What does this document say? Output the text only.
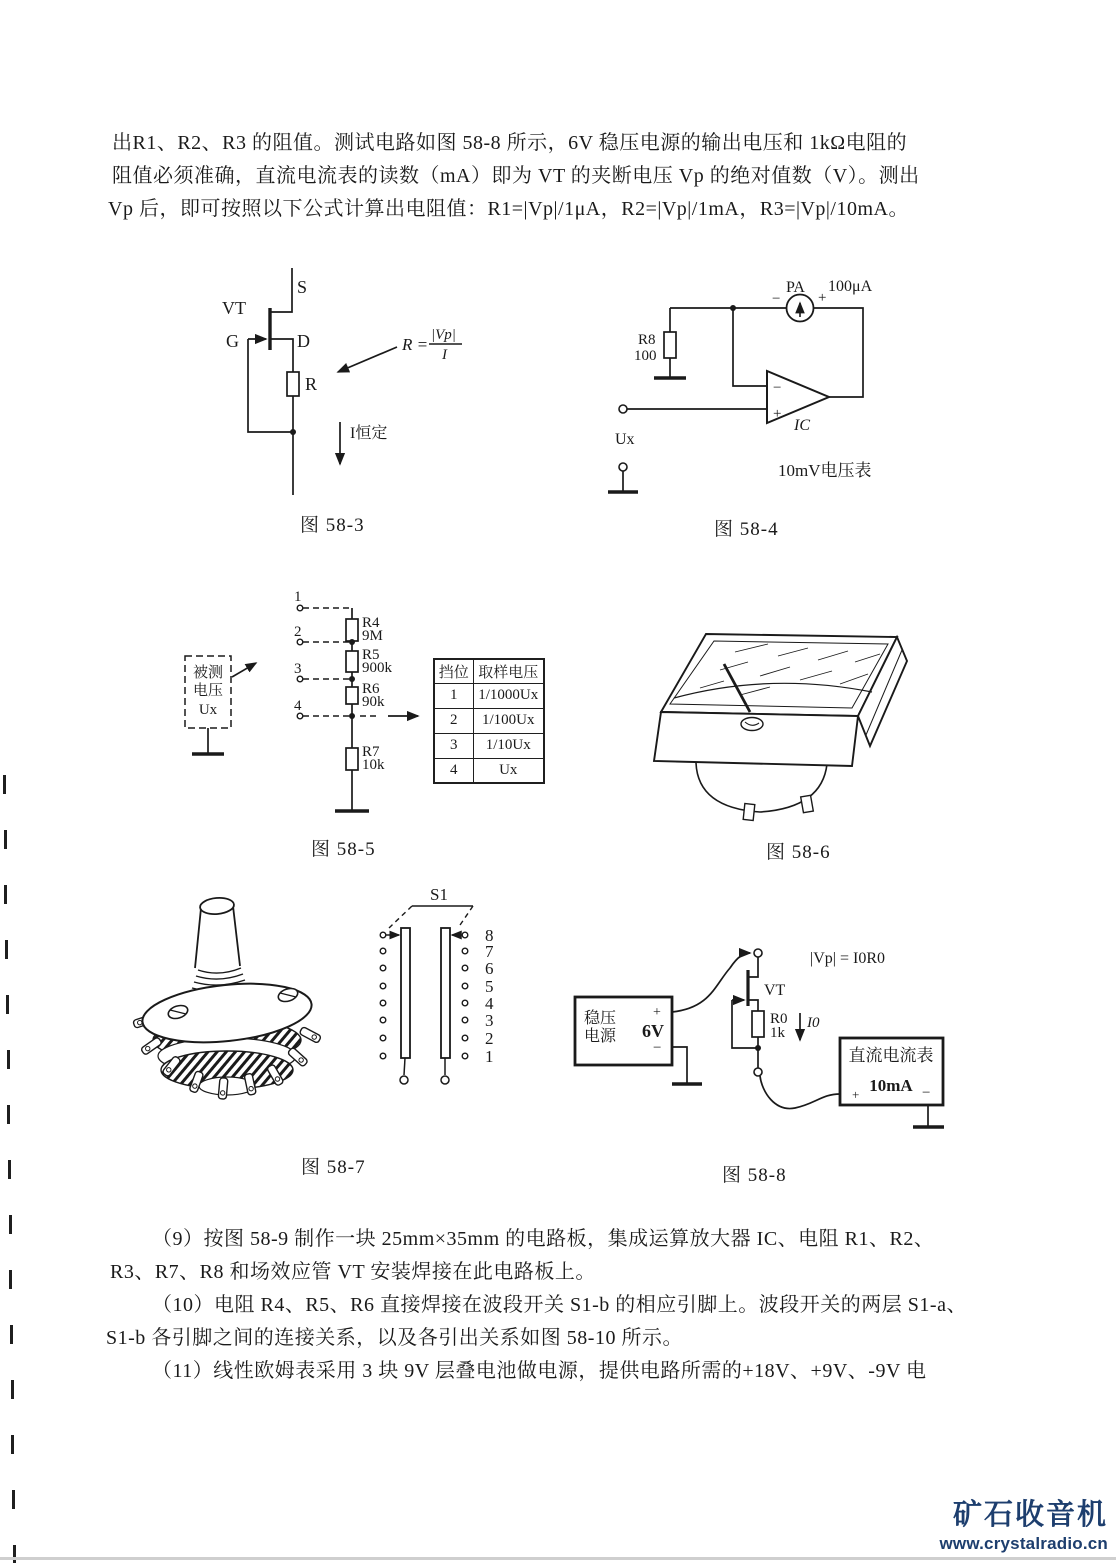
出R1、R2、R3 的阻值。测试电路如图 58-8 所示，6V 稳压电源的输出电压和 1kΩ电阻的
阻值必须准确，直流电流表的读数（mA）即为 VT 的夹断电压 Vp 的绝对值数（V）。测出
Vp 后，即可按照以下公式计算出电阻值：R1=|Vp|/1μA，R2=|Vp|/1mA，R3=|Vp|/10mA。
VT
S
G	D
R
R = |Vp|
I
I恒定
图 58-3
PA 100μA
−	+
R8
100
−
+
IC
Ux
10mV电压表
图 58-4
1
2
3
4
R4
9M
R5
900k
R6
90k
R7
10k
被测
电压
Ux
挡位	取样电压
1	1/1000Ux
2	1/100Ux
3	1/10Ux
4	Ux
图 58-5	图 58-6
图 58-7
S1
8
7
6
5
4
3
2
1
稳压
电源 6V
+
−
VT
R0
1k
I0
|Vp| = I0R0
直流电流表
10mA
+	−
图 58-8
（9）按图 58-9 制作一块 25mm×35mm 的电路板，集成运算放大器 IC、电阻 R1、R2、
R3、R7、R8 和场效应管 VT 安装焊接在此电路板上。
（10）电阻 R4、R5、R6 直接焊接在波段开关 S1-b 的相应引脚上。波段开关的两层 S1-a、
S1-b 各引脚之间的连接关系，以及各引出关系如图 58-10 所示。
（11）线性欧姆表采用 3 块 9V 层叠电池做电源，提供电路所需的+18V、+9V、-9V 电
矿石收音机
www.crystalradio.cn
